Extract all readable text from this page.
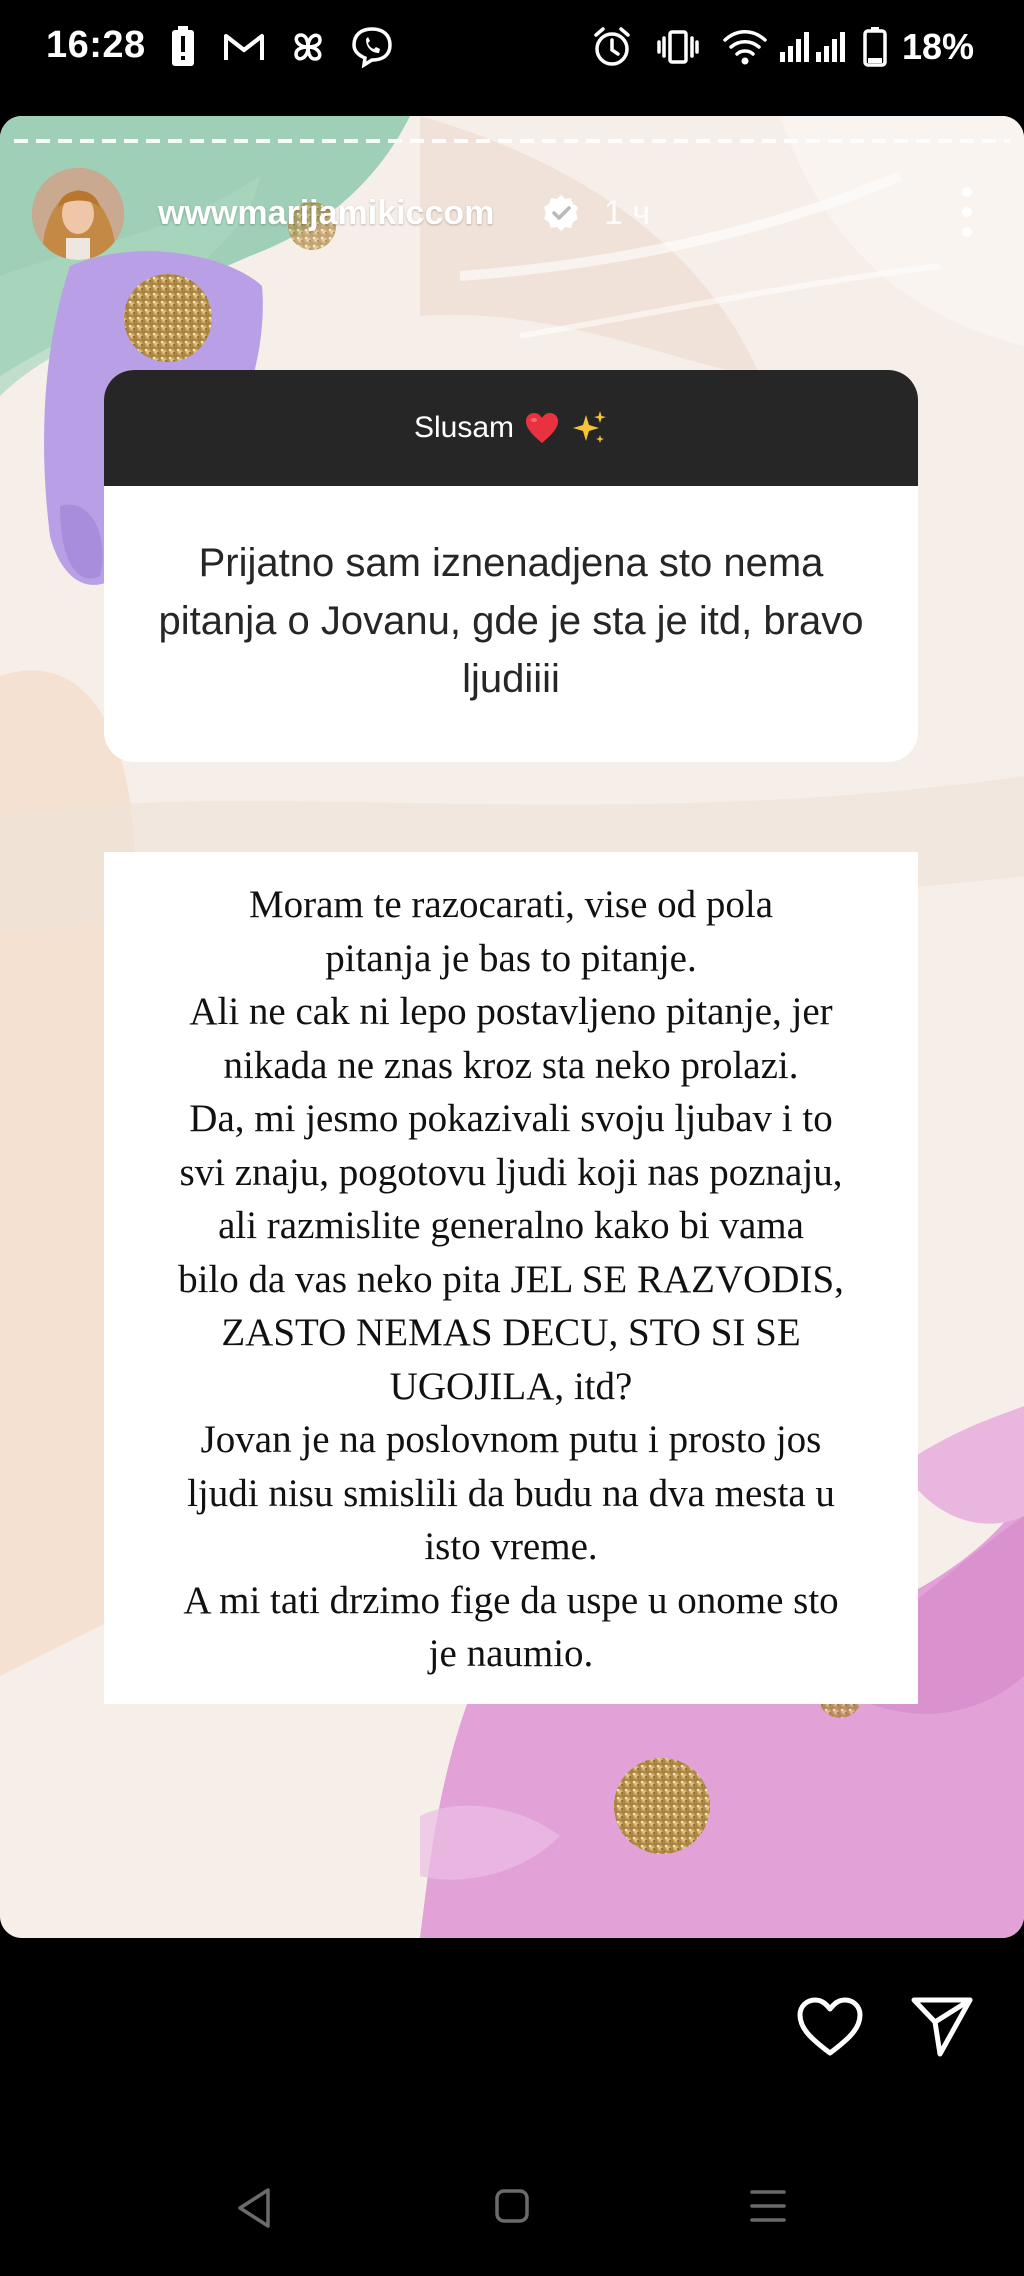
16:28	18%
wwwmarijamikiccom	1 ч
Slusam
Prijatno sam iznenadjena sto nema pitanja o Jovanu, gde je sta je itd, bravo ljudiiii
Moram te razocarati, vise od pola
pitanja je bas to pitanje.
Ali ne cak ni lepo postavljeno pitanje, jer
nikada ne znas kroz sta neko prolazi.
Da, mi jesmo pokazivali svoju ljubav i to
svi znaju, pogotovu ljudi koji nas poznaju,
ali razmislite generalno kako bi vama
bilo da vas neko pita JEL SE RAZVODIS,
ZASTO NEMAS DECU, STO SI SE
UGOJILA, itd?
Jovan je na poslovnom putu i prosto jos
ljudi nisu smislili da budu na dva mesta u
isto vreme.
A mi tati drzimo fige da uspe u onome sto
je naumio.
